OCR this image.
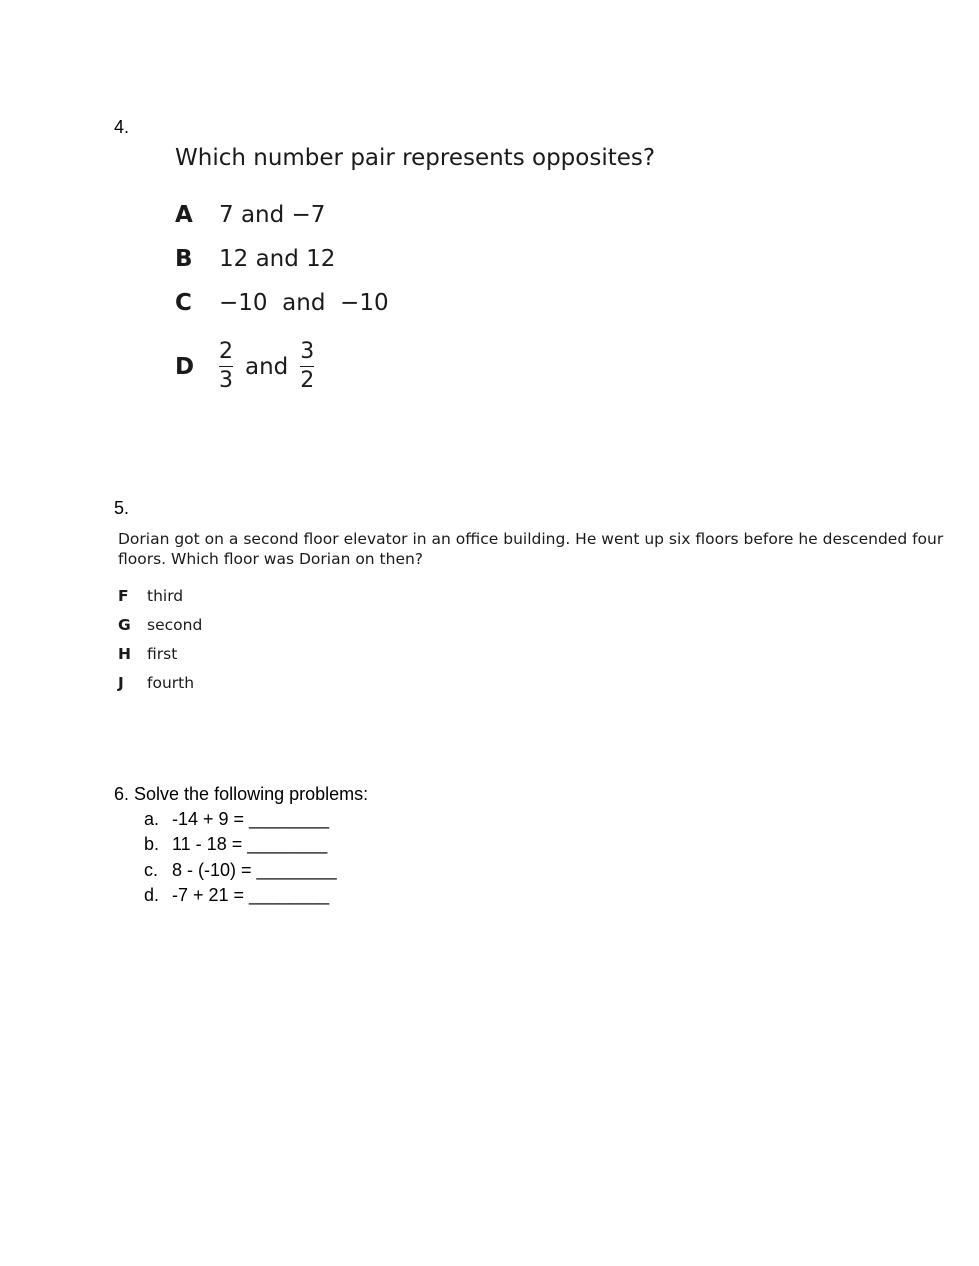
4.
Which number pair represents opposites?
A	7 and −7
B	12 and 12
C	−10  and  −10
D	$\frac{2}{3}$ and $\frac{3}{2}$
5.
Dorian got on a second floor elevator in an office building. He went up six floors before he descended four floors. Which floor was Dorian on then?
F third
G second
H first
J fourth
6. Solve the following problems:
a. -14 + 9 = ________
b. 11 - 18 = ________
c. 8 - (-10) = ________
d. -7 + 21 = ________
